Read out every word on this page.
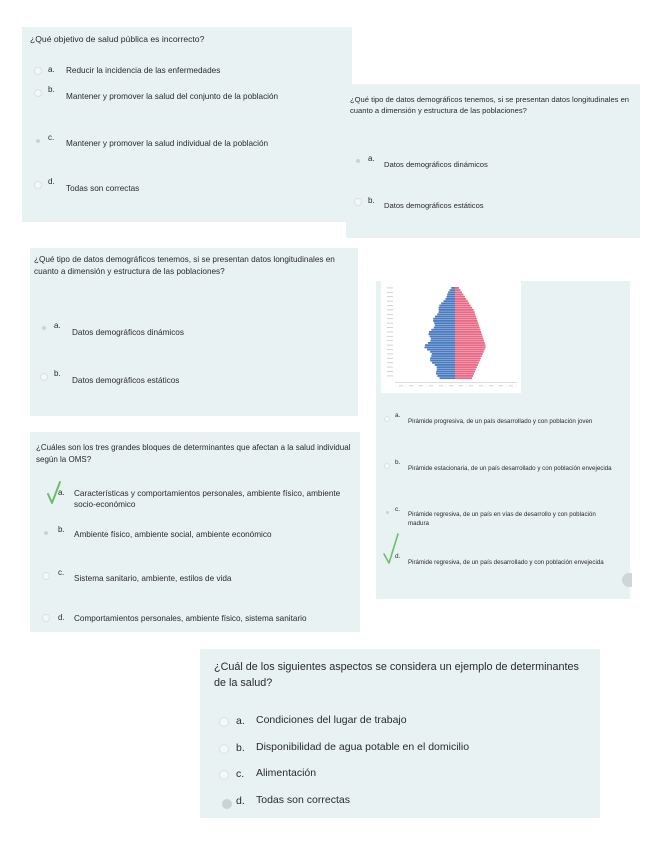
¿Qué objetivo de salud pública es incorrecto?
a. Reducir la incidencia de las enfermedades
b.
Mantener y promover la salud del conjunto de la población
c.
Mantener y promover la salud individual de la población
d.
Todas son correctas
¿Qué tipo de datos demográficos tenemos, si se presentan datos longitudinales en cuanto a dimensión y estructura de las poblaciones?
a.
Datos demográficos dinámicos
b.
Datos demográficos estáticos
¿Qué tipo de datos demográficos tenemos, si se presentan datos longitudinales en cuanto a dimensión y estructura de las poblaciones?
a.
Datos demográficos dinámicos
b.
Datos demográficos estáticos
a.
Pirámide progresiva, de un país desarrollado y con población joven
b.
Pirámide estacionaria, de un país desarrollado y con población envejecida
c.
Pirámide regresiva, de un país en vías de desarrollo y con población madura
d.
Pirámide regresiva, de un país desarrollado y con población envejecida
¿Cuáles son los tres grandes bloques de determinantes que afectan a la salud individual según la OMS?
a. Características y comportamientos personales, ambiente físico, ambiente socio-económico
b.
Ambiente físico, ambiente social, ambiente económico
c.
Sistema sanitario, ambiente, estilos de vida
d. Comportamientos personales, ambiente físico, sistema sanitario
¿Cuál de los siguientes aspectos se considera un ejemplo de determinantes de la salud?
a. Condiciones del lugar de trabajo
b. Disponibilidad de agua potable en el domicilio
c. Alimentación
d. Todas son correctas
